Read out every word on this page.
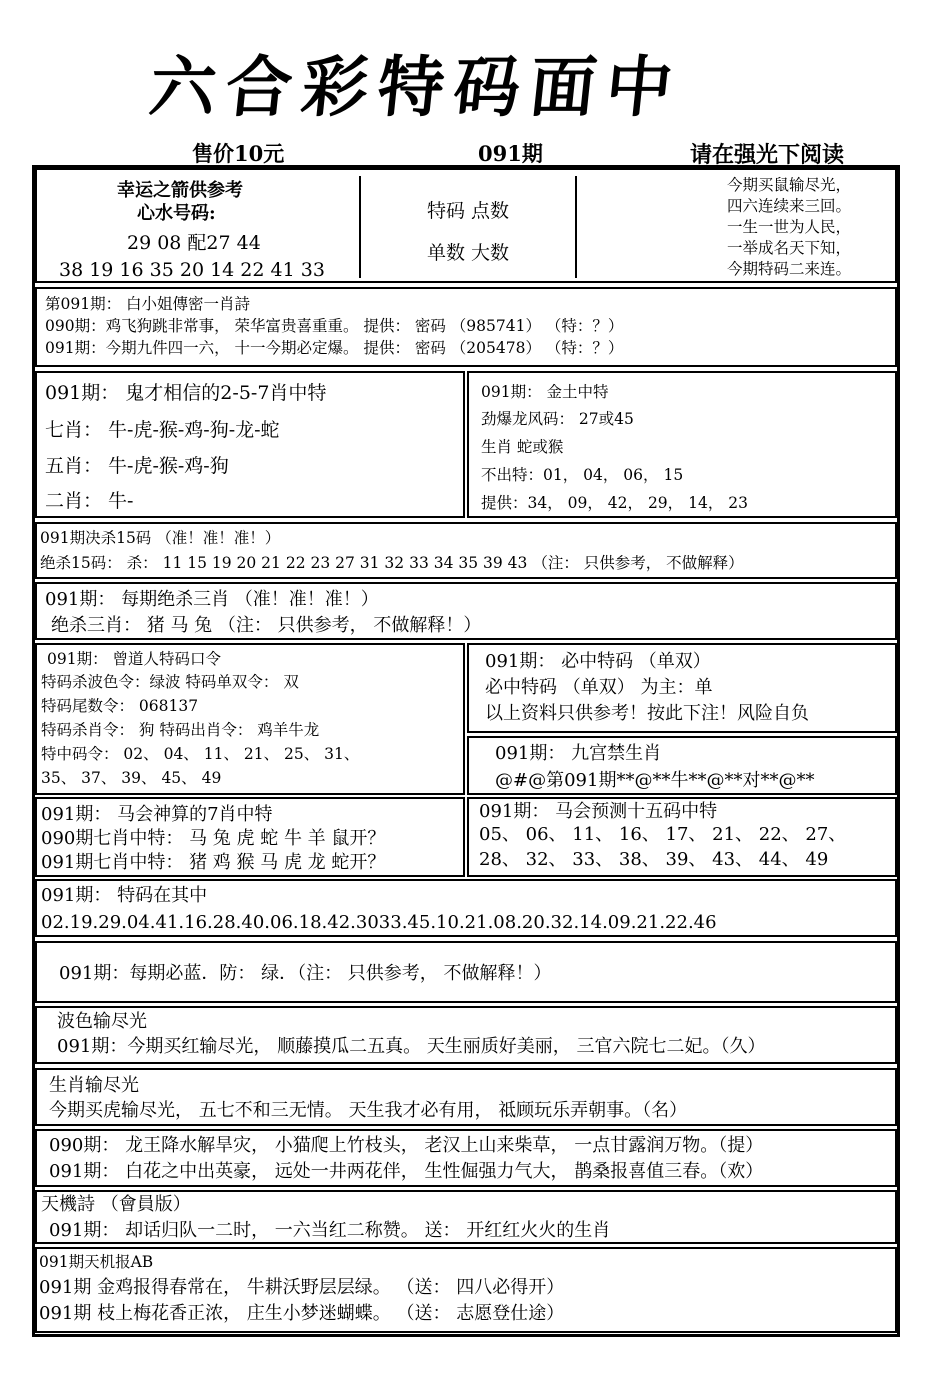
六合彩特码面中
售价10元	091期	请在强光下阅读
幸运之箭供参考
心水号码:
29 08 配27 44
38 19 16 35 20 14 22 41 33
特码 点数
单数 大数
今期买鼠输尽光，
四六连续来三回。
一生一世为人民，
一举成名天下知，
今期特码二来连。
第091期： 白小姐傳密一肖詩
090期：鸡飞狗跳非常事， 荣华富贵喜重重。 提供： 密码 （985741） （特：？）
091期：今期九件四一六， 十一今期必定爆。 提供： 密码 （205478） （特：？）
091期： 鬼才相信的2-5-7肖中特
七肖： 牛-虎-猴-鸡-狗-龙-蛇
五肖： 牛-虎-猴-鸡-狗
二肖： 牛-
091期： 金土中特
劲爆龙风码： 27或45
生肖 蛇或猴
不出特：01， 04， 06， 15
提供：34， 09， 42， 29， 14， 23
091期决杀15码 （准！准！准！）
绝杀15码： 杀： 11 15 19 20 21 22 23 27 31 32 33 34 35 39 43 （注： 只供参考， 不做解释）
091期： 每期绝杀三肖 （准！准！准！）
绝杀三肖： 猪 马 兔 （注： 只供参考， 不做解释！）
091期： 曾道人特码口令
特码杀波色令：绿波 特码单双令： 双
特码尾数令： 068137
特码杀肖令： 狗 特码出肖令： 鸡羊牛龙
特中码令： 02、 04、 11、 21、 25、 31、
35、 37、 39、 45、 49
091期： 必中特码 （单双）
必中特码 （单双） 为主：单
以上资料只供参考！按此下注！风险自负
091期： 九宫禁生肖
@#@第091期**@**牛**@**对**@**
091期： 马会神算的7肖中特
090期七肖中特： 马 兔 虎 蛇 牛 羊 鼠开？
091期七肖中特： 猪 鸡 猴 马 虎 龙 蛇开？
091期： 马会预测十五码中特
05、 06、 11、 16、 17、 21、 22、 27、
28、 32、 33、 38、 39、 43、 44、 49
091期： 特码在其中
02.19.29.04.41.16.28.40.06.18.42.3033.45.10.21.08.20.32.14.09.21.22.46
091期：每期必蓝．防： 绿．（注： 只供参考， 不做解释！）
波色输尽光
091期：今期买红输尽光， 顺藤摸瓜二五真。 天生丽质好美丽， 三官六院七二妃。（久）
生肖输尽光
今期买虎输尽光， 五七不和三无情。 天生我才必有用， 祗顾玩乐弄朝事。（名）
090期： 龙王降水解旱灾， 小猫爬上竹枝头， 老汉上山来柴草， 一点甘露润万物。（提）
091期： 白花之中出英豪， 远处一井两花伴， 生性倔强力气大， 鹊桑报喜值三春。（欢）
天機詩 （會員版）
091期： 却话归队一二时， 一六当红二称赞。 送： 开红红火火的生肖
091期天机报AB
091期 金鸡报得春常在， 牛耕沃野层层绿。 （送： 四八必得开）
091期 枝上梅花香正浓， 庄生小梦迷蝴蝶。 （送： 志愿登仕途）
